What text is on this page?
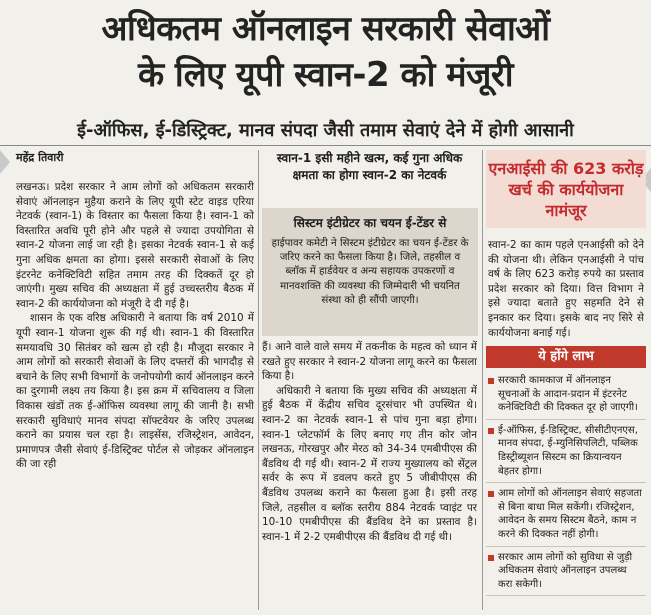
अधिकतम ऑनलाइन सरकारी सेवाओं
के लिए यूपी स्वान-2 को मंजूरी
ई-ऑफिस, ई-डिस्ट्रिक्ट, मानव संपदा जैसी तमाम सेवाएं देने में होगी आसानी
महेंद्र तिवारी
लखनऊ। प्रदेश सरकार ने आम लोगों को अधिकतम सरकारी सेवाएं ऑनलाइन मुहैया कराने के लिए यूपी स्टेट वाइड एरिया नेटवर्क (स्वान-1) के विस्तार का फैसला किया है। स्वान-1 को विस्तारित अवधि पूरी होने और पहले से ज्यादा उपयोगिता से स्वान-2 योजना लाई जा रही है। इसका नेटवर्क स्वान-1 से कई गुना अधिक क्षमता का होगा। इससे सरकारी सेवाओं के लिए इंटरनेट कनेक्टिविटी सहित तमाम तरह की दिक्कतें दूर हो जाएंगी। मुख्य सचिव की अध्यक्षता में हुई उच्चस्तरीय बैठक में स्वान-2 की कार्ययोजना को मंजूरी दे दी गई है।
शासन के एक वरिष्ठ अधिकारी ने बताया कि वर्ष 2010 में यूपी स्वान-1 योजना शुरू की गई थी। स्वान-1 की विस्तारित समयावधि 30 सितंबर को खत्म हो रही है। मौजूदा सरकार ने आम लोगों को सरकारी सेवाओं के लिए दफ्तरों की भागदौड़ से बचाने के लिए सभी विभागों के जनोपयोगी कार्य ऑनलाइन करने का दुरगामी लक्ष्य तय किया है। इस क्रम में सचिवालय व जिला विकास खंडों तक ई-ऑफिस व्यवस्था लागू की जानी है। सभी सरकारी सुविधाएं मानव संपदा सॉफ्टवेयर के जरिए उपलब्ध कराने का प्रयास चल रहा है। लाइसेंस, रजिस्ट्रेशन, आवेदन, प्रमाणपत्र जैसी सेवाएं ई-डिस्ट्रिक्ट पोर्टल से जोड़कर ऑनलाइन की जा रही
स्वान-1 इसी महीने खत्म, कई गुना अधिक क्षमता का होगा स्वान-2 का नेटवर्क
सिस्टम इंटीग्रेटर का चयन ई-टेंडर से
हाईपावर कमेटी ने सिस्टम इंटीग्रेटर का चयन ई-टेंडर के जरिए करने का फैसला किया है। जिले, तहसील व ब्लॉक में हार्डवेयर व अन्य सहायक उपकरणों व मानवशक्ति की व्यवस्था की जिम्मेदारी भी चयनित संस्था को ही सौंपी जाएगी।
हैं। आने वाले वाले समय में तकनीक के महत्व को ध्यान में रखते हुए सरकार ने स्वान-2 योजना लागू करने का फैसला किया है।
अधिकारी ने बताया कि मुख्य सचिव की अध्यक्षता में हुई बैठक में केंद्रीय सचिव दूरसंचार भी उपस्थित थे। स्वान-2 का नेटवर्क स्वान-1 से पांच गुना बड़ा होगा। स्वान-1 प्लेटफॉर्म के लिए बनाए गए तीन कोर जोन लखनऊ, गोरखपुर और मेरठ को 34-34 एमबीपीएस की बैंडविथ दी गई थी। स्वान-2 में राज्य मुख्यालय को सेंट्रल सर्वर के रूप में डवलप करते हुए 5 जीबीपीएस की बैंडविथ उपलब्ध कराने का फैसला हुआ है। इसी तरह जिले, तहसील व ब्लॉक स्तरीय 884 नेटवर्क प्वाइंट पर 10-10 एमबीपीएस की बैंडविथ देने का प्रस्ताव है। स्वान-1 में 2-2 एमबीपीएस की बैंडविथ दी गई थी।
एनआईसी की 623 करोड़ खर्च की कार्ययोजना नामंजूर
स्वान-2 का काम पहले एनआईसी को देने की योजना थी। लेकिन एनआईसी ने पांच वर्ष के लिए 623 करोड़ रुपये का प्रस्ताव प्रदेश सरकार को दिया। वित्त विभाग ने इसे ज्यादा बताते हुए सहमति देने से इनकार कर दिया। इसके बाद नए सिरे से कार्ययोजना बनाई गई।
ये होंगे लाभ
सरकारी कामकाज में ऑनलाइन सूचनाओं के आदान-प्रदान में इंटरनेट कनेक्टिविटी की दिक्कत दूर हो जाएगी।
ई-ऑफिस, ई-डिस्ट्रिक्ट, सीसीटीएनएस, मानव संपदा, ई-म्युनिसिपलिटी, पब्लिक डिस्ट्रीब्यूशन सिस्टम का क्रियान्वयन बेहतर होगा।
आम लोगों को ऑनलाइन सेवाएं सहजता से बिना बाधा मिल सकेंगी। रजिस्ट्रेशन, आवेदन के समय सिस्टम बैठने, काम न करने की दिक्कत नहीं होगी।
सरकार आम लोगों को सुविधा से जुड़ी अधिकतम सेवाएं ऑनलाइन उपलब्ध करा सकेगी।
